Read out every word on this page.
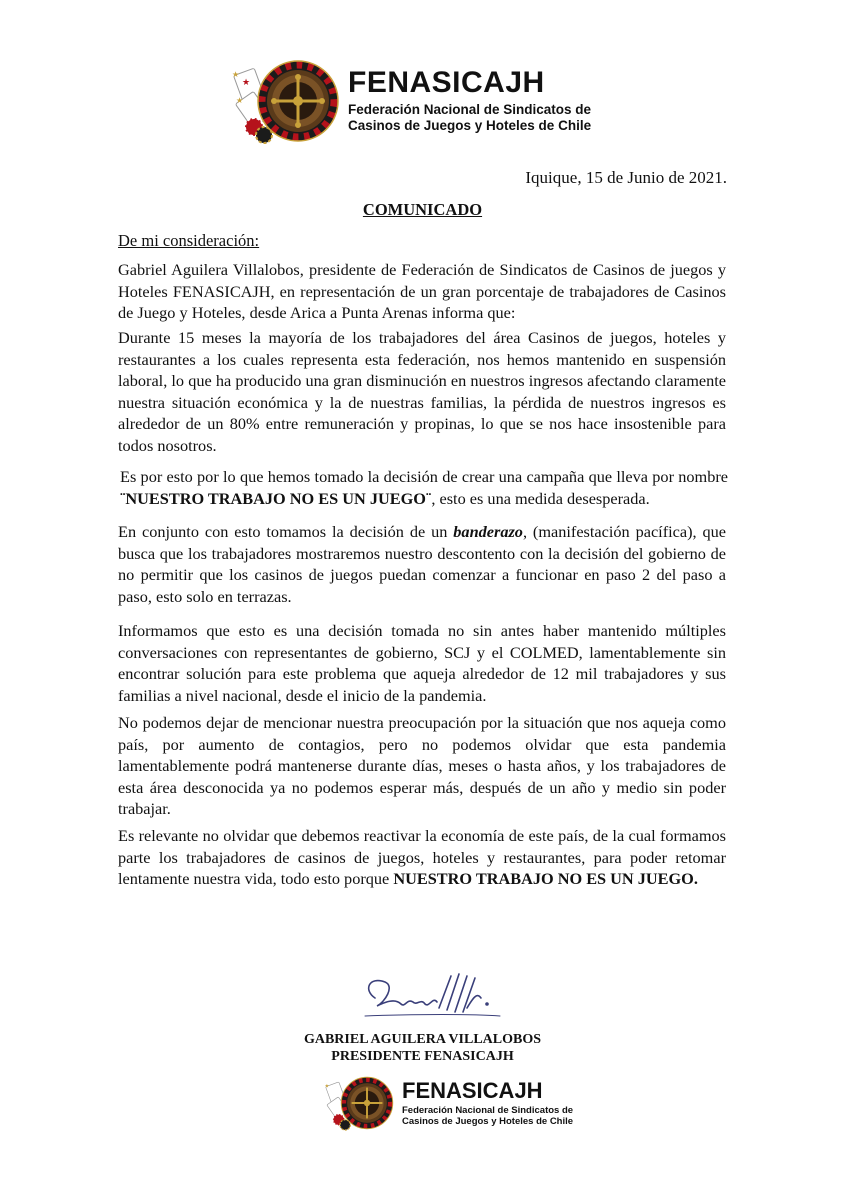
★
★
★
FENASICAJH
Federación Nacional de Sindicatos de
Casinos de Juegos y Hoteles de Chile
Iquique, 15 de Junio de 2021.
COMUNICADO
De mi consideración:
Gabriel Aguilera Villalobos, presidente de Federación de Sindicatos de Casinos de juegos y Hoteles FENASICAJH, en representación de un gran porcentaje de trabajadores de Casinos de Juego y Hoteles, desde Arica a Punta Arenas informa que:
Durante 15 meses la mayoría de los trabajadores del área Casinos de juegos, hoteles y restaurantes a los cuales representa esta federación, nos hemos mantenido en suspensión laboral, lo que ha producido una gran disminución en nuestros ingresos afectando claramente nuestra situación económica y la de nuestras familias, la pérdida de nuestros ingresos es alrededor de un 80% entre remuneración y propinas, lo que se nos hace insostenible para todos nosotros.
Es por esto por lo que hemos tomado la decisión de crear una campaña que lleva por nombre ¨NUESTRO TRABAJO NO ES UN JUEGO¨, esto es una medida desesperada.
En conjunto con esto tomamos la decisión de un banderazo, (manifestación pacífica), que busca que los trabajadores mostraremos nuestro descontento con la decisión del gobierno de no permitir que los casinos de juegos puedan comenzar a funcionar en paso 2 del paso a paso, esto solo en terrazas.
Informamos que esto es una decisión tomada no sin antes haber mantenido múltiples conversaciones con representantes de gobierno, SCJ y el COLMED, lamentablemente sin encontrar solución para este problema que aqueja alrededor de 12 mil trabajadores y sus familias a nivel nacional, desde el inicio de la pandemia.
No podemos dejar de mencionar nuestra preocupación por la situación que nos aqueja como país, por aumento de contagios, pero no podemos olvidar que esta pandemia lamentablemente podrá mantenerse durante días, meses o hasta años, y los trabajadores de esta área desconocida ya no podemos esperar más, después de un año y medio sin poder trabajar.
Es relevante no olvidar que debemos reactivar la economía de este país, de la cual formamos parte los trabajadores de casinos de juegos, hoteles y restaurantes, para poder retomar lentamente nuestra vida, todo esto porque NUESTRO TRABAJO NO ES UN JUEGO.
GABRIEL AGUILERA VILLALOBOS
PRESIDENTE FENASICAJH
★	FENASICAJH
Federación Nacional de Sindicatos de
Casinos de Juegos y Hoteles de Chile
